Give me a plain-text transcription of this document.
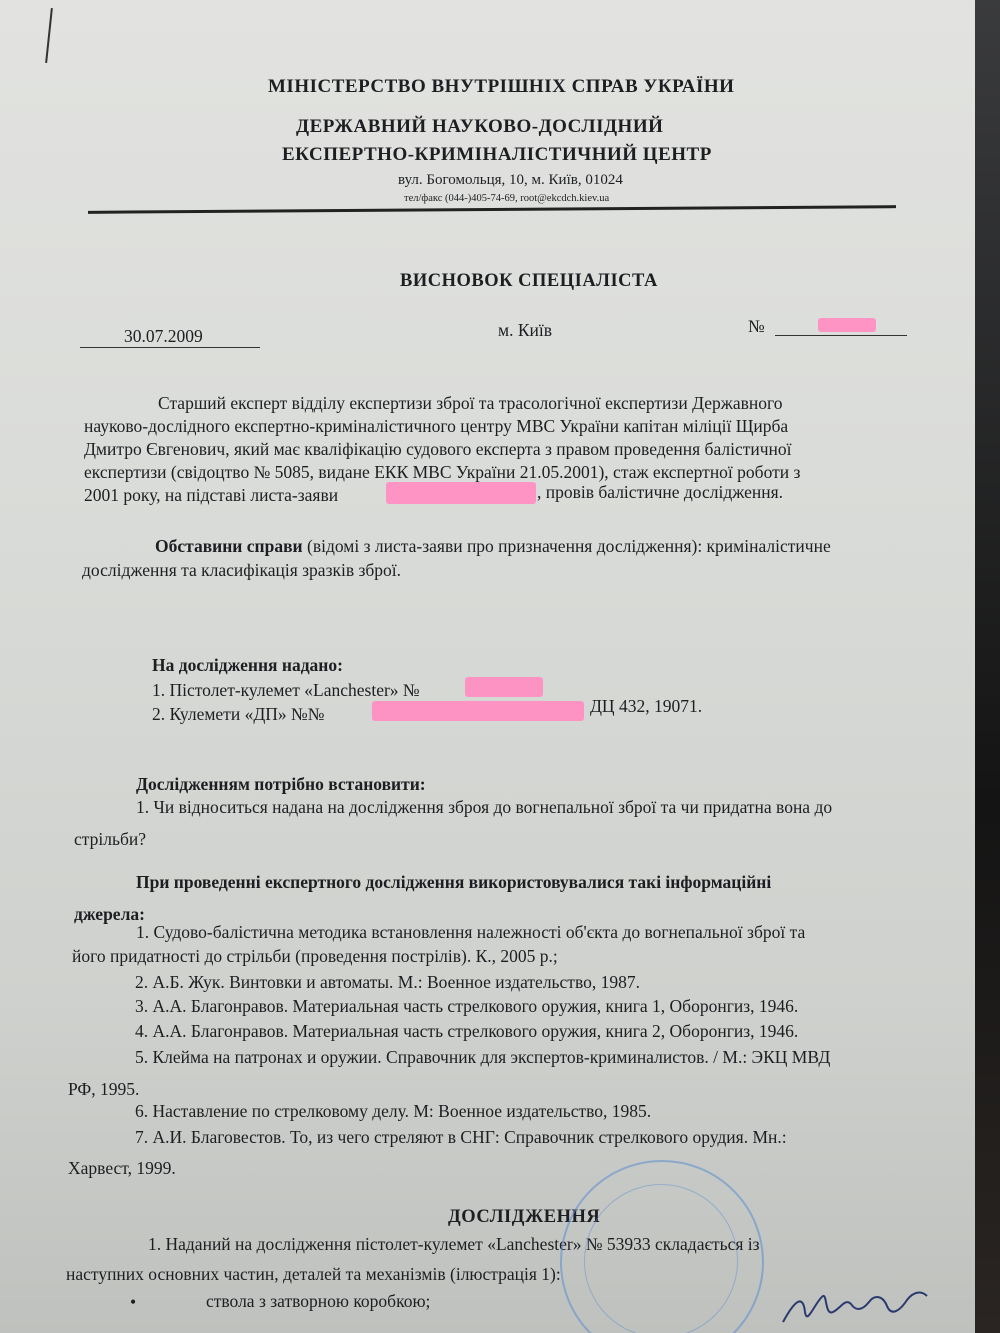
МІНІСТЕРСТВО ВНУТРІШНІХ СПРАВ УКРАЇНИ
ДЕРЖАВНИЙ НАУКОВО-ДОСЛІДНИЙ
ЕКСПЕРТНО-КРИМІНАЛІСТИЧНИЙ ЦЕНТР
вул. Богомольця, 10, м. Київ, 01024
тел/факс (044-)405-74-69, root@ekcdch.kiev.ua
ВИСНОВОК СПЕЦІАЛІСТА
30.07.2009	м. Київ	№
Старший експерт відділу експертизи зброї та трасологічної експертизи Державного
науково-дослідного експертно-криміналістичного центру МВС України капітан міліції Щирба
Дмитро Євгенович, який має кваліфікацію судового експерта з правом проведення балістичної
експертизи (свідоцтво № 5085, видане ЕКК МВС України 21.05.2001), стаж експертної роботи з
2001 року, на підставі листа-заяви	, провів балістичне дослідження.
Обставини справи (відомі з листа-заяви про призначення дослідження): криміналістичне
дослідження та класифікація зразків зброї.
На дослідження надано:
1. Пістолет-кулемет «Lanchester» №
2. Кулемети «ДП» №№	ДЦ 432, 19071.
Дослідженням потрібно встановити:
1. Чи відноситься надана на дослідження зброя до вогнепальної зброї та чи придатна вона до
стрільби?
При проведенні експертного дослідження використовувалися такі інформаційні
джерела:
1. Судово-балістична методика встановлення належності об'єкта до вогнепальної зброї та
його придатності до стрільби (проведення пострілів). К., 2005 р.;
2. А.Б. Жук. Винтовки и автоматы. М.: Военное издательство, 1987.
3. А.А. Благонравов. Материальная часть стрелкового оружия, книга 1, Оборонгиз, 1946.
4. А.А. Благонравов. Материальная часть стрелкового оружия, книга 2, Оборонгиз, 1946.
5. Клейма на патронах и оружии. Справочник для экспертов-криминалистов. / М.: ЭКЦ МВД
РФ, 1995.
6. Наставление по стрелковому делу. М: Военное издательство, 1985.
7. А.И. Благовестов. То, из чего стреляют в СНГ: Справочник стрелкового орудия. Мн.:
Харвест, 1999.
ДОСЛІДЖЕННЯ
1. Наданий на дослідження пістолет-кулемет «Lanchester» № 53933 складається із
наступних основних частин, деталей та механізмів (ілюстрація 1):
•	ствола з затворною коробкою;
